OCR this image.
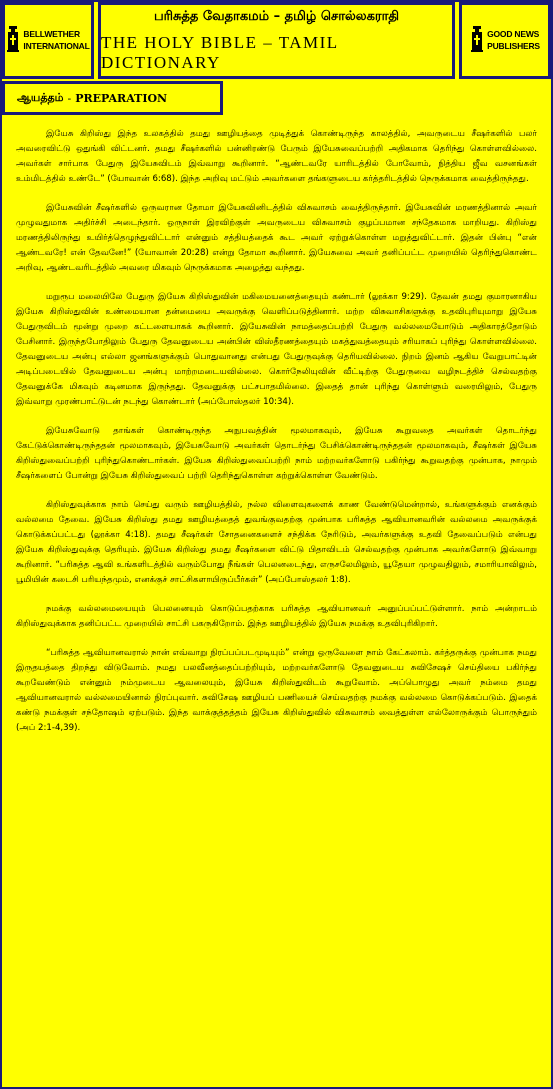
BELLWETHER
INTERNATIONAL
பரிசுத்த வேதாகமம் – தமிழ் சொல்லகராதி
THE HOLY BIBLE – TAMIL DICTIONARY
GOOD NEWS
PUBLISHERS
ஆயத்தம் - PREPARATION

இயேசு கிறிஸ்து இந்த உலகத்தில் தமது ஊழியத்தை முடித்துக் கொண்டிருந்த காலத்தில், அவருடைய சீஷர்களில் பலர் அவரைவிட்டு ஒதுங்கி விட்டனர். தமது சீஷர்களில் பன்னிரண்டு பேரும் இயேசுவைப்பற்றி அதிகமாக தெரிந்து கொள்ளவில்லை. அவர்கள் சார்பாக பேதுரு இயேசுவிடம் இவ்வாறு கூறினார். “ஆண்டவரே யாரிடத்தில் போவோம், நித்திய ஜீவ வசனங்கள் உம்மிடத்தில் உண்டே” (யோவான் 6:68). இந்த அறிவு மட்டும் அவர்களை தங்களுடைய கர்த்தரிடத்தில் நெருக்கமாக வைத்திருந்தது.

இயேசுவின் சீஷர்களில் ஒருவரான தோமா இயேசுவினிடத்தில் விசுவாசம் வைத்திருந்தார். இயேசுவின் மரணத்தினால் அவர் முழுவதுமாக அதிர்ச்சி அடைந்தார். ஒருநாள் இரவிற்குள் அவருடைய விசுவாசம் குழப்பமான சந்தேகமாக மாறியது. கிறிஸ்து மரணத்திலிருந்து உயிர்த்தெழுந்துவிட்டார் என்னும் சத்தியத்தைக் கூட அவர் ஏற்றுக்கொள்ள மறுத்துவிட்டார். இதன் பின்பு “என் ஆண்டவரே! என் தேவனே!” (யோவான் 20:28) என்று தோமா கூறினார். இயேசுவை அவர் தனிப்பட்ட முறையில் தெரிந்துகொண்ட அறிவு, ஆண்டவரிடத்தில் அவரை மிகவும் நெருக்கமாக அழைத்து வந்தது.

மறுரூப மலையிலே பேதுரு இயேசு கிறிஸ்துவின் மகிமையனைத்தையும் கண்டார் (லூக்கா 9:29). தேவன் தமது குமாரனாகிய இயேசு கிறிஸ்துவின் உண்மையான தன்மையை அவருக்கு வெளிப்படுத்தினார். மற்ற விசுவாசிகளுக்கு உதவிபுரியுமாறு இயேசு பேதுருவிடம் மூன்று முறை கட்டளையாகக் கூறினார். இயேசுவின் நாமத்தைப்பற்றி பேதுரு வல்லமையோடும் அதிகாரத்தோடும் பேசினார். இருந்தபோதிலும் பேதுரு தேவனுடைய அன்பின் விஸ்தீரணத்தையும் மகத்துவத்தையும் சரியாகப் புரிந்து கொள்ளவில்லை. தேவனுடைய அன்பு எல்லா ஜனங்களுக்கும் பொதுவானது என்பது பேதுருவுக்கு தெரியவில்லை. நிறம் இனம் ஆகிய வேறுபாட்டின் அடிப்படையில் தேவனுடைய அன்பு மாற்றமடையவில்லை. கொர்நேலியுவின் வீட்டிற்கு பேதுருவை வழிநடத்திச் செல்வதற்கு தேவனுக்கே மிகவும் கடினமாக இருந்தது. தேவனுக்கு பட்சபாதமில்லை. இதைத் தான் புரிந்து கொள்ளும் வரையிலும், பேதுரு இவ்வாறு முரண்பாட்டுடன் நடந்து கொண்டார் (அப்போஸ்தலர் 10:34).

இயேசுவோடு தாங்கள் கொண்டிருந்த அநுபவத்தின் மூலமாகவும், இயேசு கூறுவதை அவர்கள் தொடர்ந்து கேட்டுக்கொண்டிருந்ததன் மூலமாகவும், இயேசுவோடு அவர்கள் தொடர்ந்து பேசிக்கொண்டிருந்ததன் மூலமாகவும், சீஷர்கள் இயேசு கிறிஸ்துவைப்பற்றி புரிந்துகொண்டார்கள். இயேசு கிறிஸ்துவைப்பற்றி நாம் மற்றவர்களோடு பகிர்ந்து கூறுவதற்கு முன்பாக, நாமும் சீஷர்களைப் போன்று இயேசு கிறிஸ்துவைப் பற்றி தெரிந்துகொள்ள கற்றுக்கொள்ள வேண்டும்.

கிறிஸ்துவுக்காக நாம் செய்து வரும் ஊழியத்தில், நல்ல விளைவுகளைக் காண வேண்டுமென்றால், உங்களுக்கும் எனக்கும் வல்லமை தேவை. இயேசு கிறிஸ்து தமது ஊழியத்தைத் துவங்குவதற்கு முன்பாக பரிசுத்த ஆவியானவரின் வல்லமை அவருக்குக் கொடுக்கப்பட்டது (லூக்கா 4:18). தமது சீஷர்கள் சோதனைகளைச் சந்திக்க நேரிடும், அவர்களுக்கு உதவி தேவைப்படும் என்பது இயேசு கிறிஸ்துவுக்கு தெரியும். இயேசு கிறிஸ்து தமது சீஷர்களை விட்டு பிதாவிடம் செல்வதற்கு முன்பாக அவர்களோடு இவ்வாறு கூறினார். “பரிசுத்த ஆவி உங்களிடத்தில் வரும்போது நீங்கள் பெலனடைந்து, எருசலேமிலும், யூதேயா முழுவதிலும், சமாரியாவிலும், பூமியின் கடைசி பரியந்தமும், எனக்குச் சாட்சிகளாயிருப்பீர்கள்” (அப்போஸ்தலர் 1:8).

நமக்கு வல்லமையையும் பெலனையும் கொடுப்பதற்காக பரிசுத்த ஆவியானவர் அனுப்பப்பட்டுள்ளார். நாம் அன்றாடம் கிறிஸ்துவுக்காக தனிப்பட்ட முறையில் சாட்சி பகருகிறோம். இந்த ஊழியத்தில் இயேசு நமக்கு உதவிபுரிகிறார்.

“பரிசுத்த ஆவியானவரால் நான் எவ்வாறு நிரப்பப்படமுடியும்” என்று ஒருவேளை நாம் கேட்கலாம். கர்த்தருக்கு முன்பாக நமது இருதயத்தை திறந்து விடுவோம். நமது பலவீனத்தைப்பற்றியும், மற்றவர்களோடு தேவனுடைய சுவிசேஷச் செய்தியை பகிர்ந்து கூறவேண்டும் என்னும் நம்முடைய ஆவலையும், இயேசு கிறிஸ்துவிடம் கூறுவோம். அப்பொழுது அவர் நம்மை தமது ஆவியானவரால் வல்லமையினால் நிரப்புவார். சுவிசேஷ ஊழியப் பணியைச் செய்வதற்கு நமக்கு வல்லமை கொடுக்கப்படும். இதைக் கண்டு நமக்குள் சந்தோஷம் ஏற்படும். இந்த வாக்குத்தத்தம் இயேசு கிறிஸ்துவில் விசுவாசம் வைத்துள்ள எல்லோருக்கும் பொருந்தும் (அப் 2:1-4,39).
